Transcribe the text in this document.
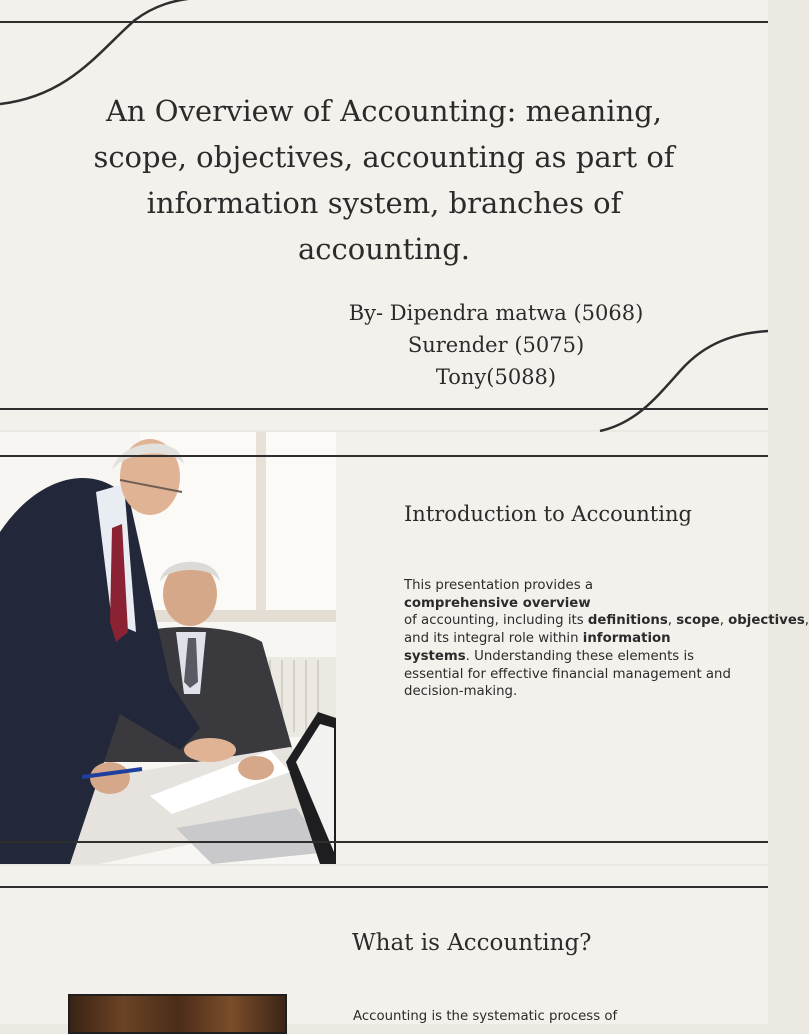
An Overview of Accounting: meaning, scope, objectives, accounting as part of information system, branches of accounting.
By- Dipendra matwa (5068)
Surender (5075)
Tony(5088)
Introduction to Accounting
This presentation provides a
comprehensive overview of accounting, including its definitions, scope, objectives, and its integral role within information systems. Understanding these elements is essential for effective financial management and decision-making.
What is Accounting?
Accounting is the systematic process of
